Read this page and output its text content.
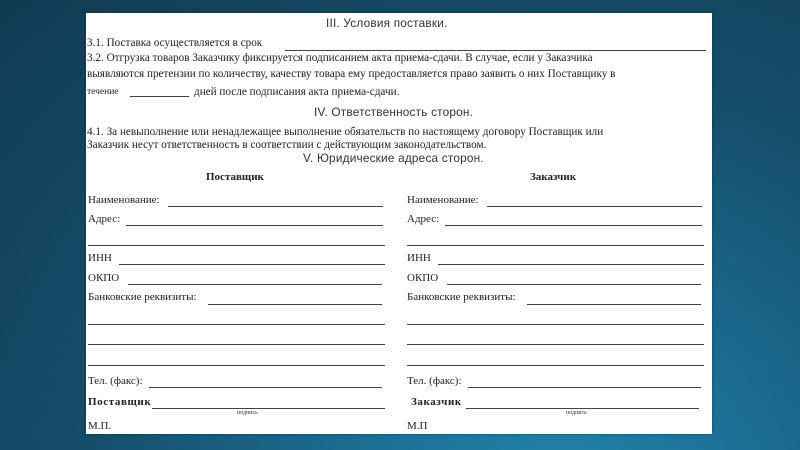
III. Условия поставки.
3.1. Поставка осуществляется в срок
3.2. Отгрузка товаров Заказчику фиксируется подписанием акта приема-сдачи. В случае, если у Заказчика
выявляются претензии по количеству, качеству товара ему предоставляется право заявить о них Поставщику в
течение	дней после подписания акта приема-сдачи.
IV. Ответственность сторон.
4.1. За невыполнение или ненадлежащее выполнение обязательств по настоящему договору Поставщик или
Заказчик несут ответственность в соответствии с действующим законодательством.
V. Юридические адреса сторон.
Поставщик
Наименование:
Адрес:
ИНН
ОКПО
Банковские реквизиты:
Тел. (факс):
Поставщик
подпись
М.П.
Заказчик
Наименование:
Адрес:
ИНН
ОКПО
Банковские реквизиты:
Тел. (факс):
Заказчик
подпись
М.П
